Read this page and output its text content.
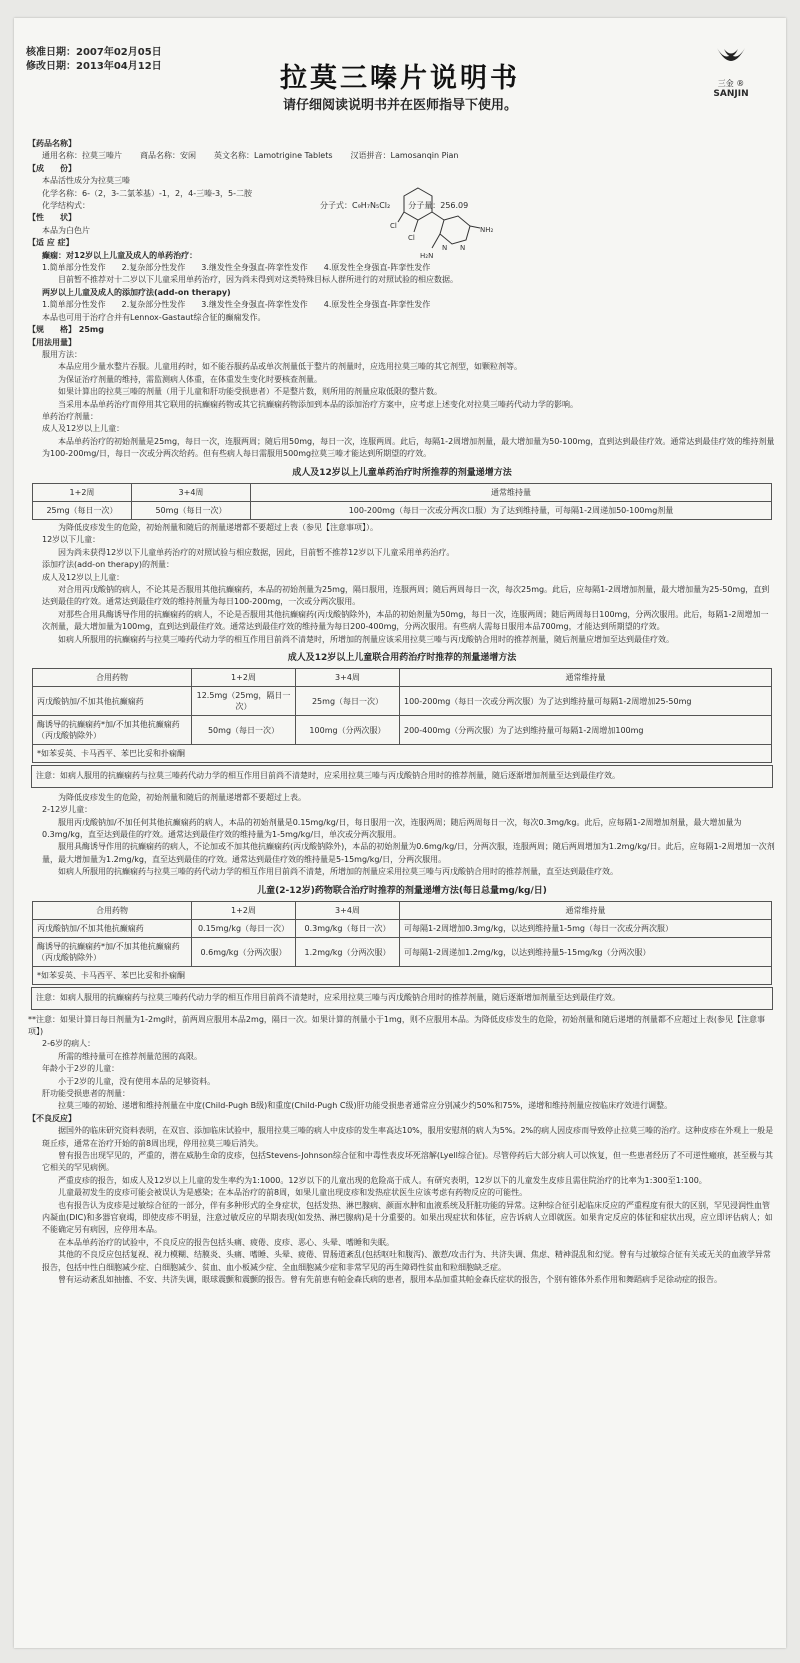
核准日期：2007年02月05日
修改日期：2013年04月12日	拉莫三嗪片说明书
请仔细阅读说明书并在医师指导下使用。
三金 ®
SANJIN
Cl
Cl
NH₂
H₂N
N
N
【药品名称】
通用名称：拉莫三嗪片 商品名称：安闲 英文名称：Lamotrigine Tablets 汉语拼音：Lamosanqin Pian
【成　　份】
本品活性成分为拉莫三嗪
化学名称：6-（2，3-二氯苯基）-1，2，4-三嗪-3，5-二胺
化学结构式：	分子式：C₉H₇N₅Cl₂ 分子量：256.09
【性　　状】
本品为白色片
【适 应 症】
癫痫：对12岁以上儿童及成人的单药治疗：
1.简单部分性发作　　2.复杂部分性发作　　3.继发性全身强直-阵挛性发作　　4.原发性全身强直-阵挛性发作
目前暂不推荐对十二岁以下儿童采用单药治疗，因为尚未得到对这类特殊目标人群所进行的对照试验的相应数据。
两岁以上儿童及成人的添加疗法(add-on therapy)
1.简单部分性发作　　2.复杂部分性发作　　3.继发性全身强直-阵挛性发作　　4.原发性全身强直-阵挛性发作
本品也可用于治疗合并有Lennox-Gastaut综合征的癫痫发作。
【规　　格】 25mg
【用法用量】
服用方法：
本品应用少量水整片吞服。儿童用药时，如不能吞服药品或单次剂量低于整片的剂量时，应选用拉莫三嗪的其它剂型，如颗粒剂等。
为保证治疗剂量的维持，需监测病人体重，在体重发生变化时要核查剂量。
如果计算出的拉莫三嗪的剂量（用于儿童和肝功能受损患者）不是整片数，则所用的剂量应取低限的整片数。
当采用本品单药治疗而停用其它联用的抗癫痫药物或其它抗癫痫药物添加到本品的添加治疗方案中，应考虑上述变化对拉莫三嗪药代动力学的影响。
单药治疗剂量：
成人及12岁以上儿童：
本品单药治疗的初始剂量是25mg，每日一次，连服两周；随后用50mg，每日一次，连服两周。此后，每隔1-2周增加剂量，最大增加量为50-100mg，直到达到最佳疗效。通常达到最佳疗效的维持剂量为100-200mg/日，每日一次或分两次给药。但有些病人每日需服用500mg拉莫三嗪才能达到所期望的疗效。
成人及12岁以上儿童单药治疗时所推荐的剂量递增方法
1+2周	3+4周	通常维持量
25mg（每日一次）	50mg（每日一次）	100-200mg（每日一次或分两次口服）为了达到维持量，可每隔1-2周递加50-100mg剂量
为降低皮疹发生的危险，初始剂量和随后的剂量递增都不要超过上表（参见【注意事项】）。
12岁以下儿童：
因为尚未获得12岁以下儿童单药治疗的对照试验与相应数据，因此，目前暂不推荐12岁以下儿童采用单药治疗。
添加疗法(add-on therapy)的剂量：
成人及12岁以上儿童：
对合用丙戊酸钠的病人，不论其是否服用其他抗癫痫药，本品的初始剂量为25mg，隔日服用，连服两周；随后两周每日一次，每次25mg。此后，应每隔1-2周增加剂量，最大增加量为25-50mg，直到达到最佳的疗效。通常达到最佳疗效的维持剂量为每日100-200mg，一次或分两次服用。
对那些合用具酶诱导作用的抗癫痫药的病人，不论是否服用其他抗癫痫药(丙戊酸钠除外)，本品的初始剂量为50mg，每日一次，连服两周；随后两周每日100mg，分两次服用。此后，每隔1-2周增加一次剂量，最大增加量为100mg，直到达到最佳疗效。通常达到最佳疗效的维持量为每日200-400mg，分两次服用。有些病人需每日服用本品700mg，才能达到所期望的疗效。
如病人所服用的抗癫痫药与拉莫三嗪药代动力学的相互作用目前尚不清楚时，所增加的剂量应该采用拉莫三嗪与丙戊酸钠合用时的推荐剂量，随后剂量应增加至达到最佳疗效。
成人及12岁以上儿童联合用药治疗时推荐的剂量递增方法
合用药物	1+2周	3+4周	通常维持量
丙戊酸钠加/不加其他抗癫痫药	12.5mg（25mg，隔日一次）	25mg（每日一次）	100-200mg（每日一次或分两次服）为了达到维持量可每隔1-2周增加25-50mg
酶诱导的抗癫痫药*加/不加其他抗癫痫药（丙戊酸钠除外）	50mg（每日一次）	100mg（分两次服）	200-400mg（分两次服）为了达到维持量可每隔1-2周增加100mg
*如苯妥英、卡马西平、苯巴比妥和扑痫酮			
注意：如病人服用的抗癫痫药与拉莫三嗪药代动力学的相互作用目前尚不清楚时，应采用拉莫三嗪与丙戊酸钠合用时的推荐剂量，随后逐渐增加剂量至达到最佳疗效。
为降低皮疹发生的危险，初始剂量和随后的剂量递增都不要超过上表。
2-12岁儿童：
服用丙戊酸钠加/不加任何其他抗癫痫药的病人，本品的初始剂量是0.15mg/kg/日，每日服用一次，连服两周；随后两周每日一次，每次0.3mg/kg。此后，应每隔1-2周增加剂量，最大增加量为0.3mg/kg，直至达到最佳的疗效。通常达到最佳疗效的维持量为1-5mg/kg/日，单次或分两次服用。
服用具酶诱导作用的抗癫痫药的病人，不论加或不加其他抗癫痫药(丙戊酸钠除外)，本品的初始剂量为0.6mg/kg/日，分两次服，连服两周；随后两周增加为1.2mg/kg/日。此后，应每隔1-2周增加一次剂量，最大增加量为1.2mg/kg，直至达到最佳的疗效。通常达到最佳疗效的维持量是5-15mg/kg/日，分两次服用。
如病人所服用的抗癫痫药与拉莫三嗪的药代动力学的相互作用目前尚不清楚，所增加的剂量应采用拉莫三嗪与丙戊酸钠合用时的推荐剂量，直至达到最佳疗效。
儿童(2-12岁)药物联合治疗时推荐的剂量递增方法(每日总量mg/kg/日)
合用药物	1+2周	3+4周	通常维持量
丙戊酸钠加/不加其他抗癫痫药	0.15mg/kg（每日一次）	0.3mg/kg（每日一次）	可每隔1-2周增加0.3mg/kg，以达到维持量1-5mg（每日一次或分两次服）
酶诱导的抗癫痫药*加/不加其他抗癫痫药（丙戊酸钠除外）	0.6mg/kg（分两次服）	1.2mg/kg（分两次服）	可每隔1-2周递加1.2mg/kg，以达到维持量5-15mg/kg（分两次服）
*如苯妥英、卡马西平、苯巴比妥和扑痫酮			
注意：如病人服用的抗癫痫药与拉莫三嗪药代动力学的相互作用目前尚不清楚时，应采用拉莫三嗪与丙戊酸钠合用时的推荐剂量，随后逐渐增加剂量至达到最佳疗效。
**注意：如果计算日每日剂量为1-2mg时，前两周应服用本品2mg，隔日一次。如果计算的剂量小于1mg，则不应服用本品。为降低皮疹发生的危险，初始剂量和随后递增的剂量都不应超过上表(参见【注意事项】)
2-6岁的病人：
所需的维持量可在推荐剂量范围的高限。
年龄小于2岁的儿童：
小于2岁的儿童，没有使用本品的足够资料。
肝功能受损患者的剂量：
拉莫三嗪的初始、递增和维持剂量在中度(Child-Pugh B级)和重度(Child-Pugh C级)肝功能受损患者通常应分别减少约50%和75%，递增和维持剂量应按临床疗效进行调整。
【不良反应】
据国外的临床研究资料表明，在双盲、添加临床试验中，服用拉莫三嗪的病人中皮疹的发生率高达10%，服用安慰剂的病人为5%。2%的病人因皮疹而导致停止拉莫三嗪的治疗。这种皮疹在外观上一般是斑丘疹，通常在治疗开始的前8周出现，停用拉莫三嗪后消失。
曾有报告出现罕见的，严重的，潜在威胁生命的皮疹，包括Stevens-Johnson综合征和中毒性表皮坏死溶解(Lyell综合征)。尽管停药后大部分病人可以恢复，但一些患者经历了不可逆性瘢痕，甚至极与其它相关的罕见病例。
严重皮疹的报告，如成人及12岁以上儿童的发生率约为1:1000。12岁以下的儿童出现的危险高于成人。有研究表明，12岁以下的儿童发生皮疹且需住院治疗的比率为1:300至1:100。
儿童最初发生的皮疹可能会被误认为是感染；在本品治疗的前8周，如果儿童出现皮疹和发热症状医生应该考虑有药物反应的可能性。
也有报告认为皮疹是过敏综合征的一部分，伴有多种形式的全身症状，包括发热、淋巴腺病、颜面水肿和血液系统及肝脏功能的异常。这种综合征引起临床反应的严重程度有很大的区别，罕见浸润性血管内凝血(DIC)和多器官衰竭，即使皮疹不明显，注意过敏反应的早期表现(如发热、淋巴腺病)是十分重要的。如果出现症状和体征，应告诉病人立即就医。如果肯定反应的体征和症状出现，应立即评估病人；如不能确定另有病因，应停用本品。
在本品单药治疗的试验中，不良反应的报告包括头痛、疲倦、皮疹、恶心、头晕、嗜睡和失眠。
其他的不良反应包括复视、视力模糊、结膜炎、头痛、嗜睡、头晕、疲倦、胃肠道紊乱(包括呕吐和腹泻)、激惹/攻击行为、共济失调、焦虑、精神混乱和幻觉。曾有与过敏综合征有关或无关的血液学异常报告，包括中性白细胞减少症、白细胞减少、贫血、血小板减少症、全血细胞减少症和非常罕见的再生障碍性贫血和粒细胞缺乏症。
曾有运动紊乱如抽搐、不安、共济失调，眼球震颤和震颤的报告。曾有先前患有帕金森氏病的患者，服用本品加重其帕金森氏症状的报告，个别有锥体外系作用和舞蹈病手足徐动症的报告。
